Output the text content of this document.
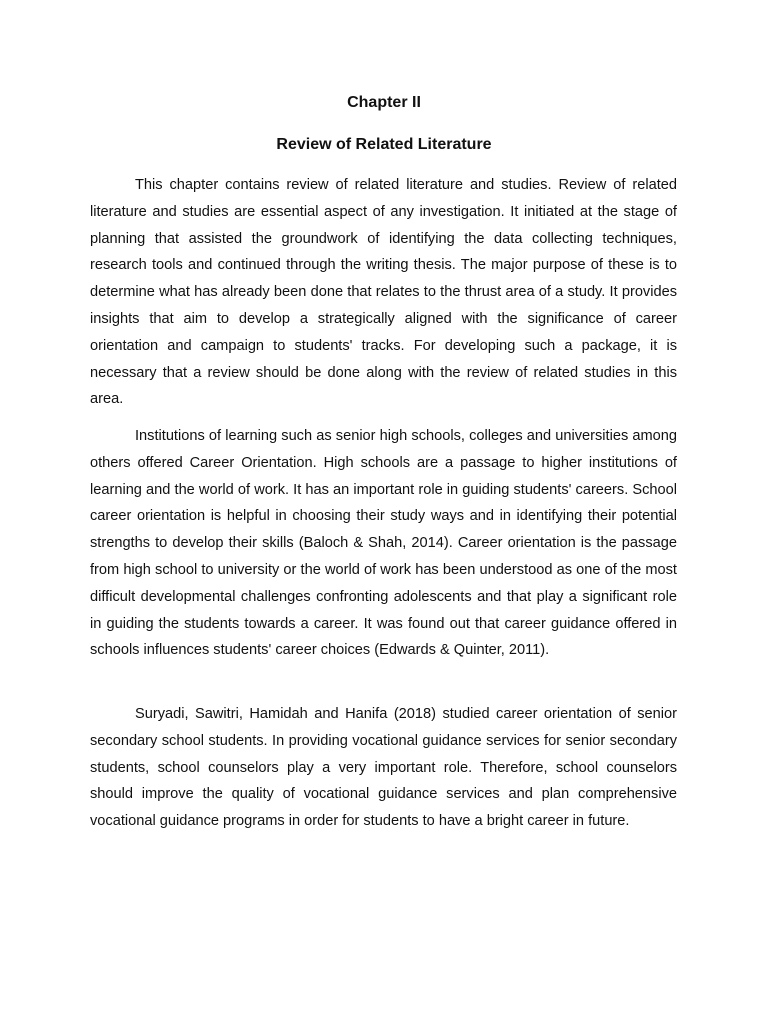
Chapter II
Review of Related Literature

This chapter contains review of related literature and studies. Review of related literature and studies are essential aspect of any investigation. It initiated at the stage of planning that assisted the groundwork of identifying the data collecting techniques, research tools and continued through the writing thesis. The major purpose of these is to determine what has already been done that relates to the thrust area of a study. It provides insights that aim to develop a strategically aligned with the significance of career orientation and campaign to students' tracks. For developing such a package, it is necessary that a review should be done along with the review of related studies in this area.

Institutions of learning such as senior high schools, colleges and universities among others offered Career Orientation. High schools are a passage to higher institutions of learning and the world of work. It has an important role in guiding students' careers. School career orientation is helpful in choosing their study ways and in identifying their potential strengths to develop their skills (Baloch & Shah, 2014). Career orientation is the passage from high school to university or the world of work has been understood as one of the most difficult developmental challenges confronting adolescents and that play a significant role in guiding the students towards a career. It was found out that career guidance offered in schools influences students' career choices (Edwards & Quinter, 2011).

Suryadi, Sawitri, Hamidah and Hanifa (2018) studied career orientation of senior secondary school students. In providing vocational guidance services for senior secondary students, school counselors play a very important role. Therefore, school counselors should improve the quality of vocational guidance services and plan comprehensive vocational guidance programs in order for students to have a bright career in future.
